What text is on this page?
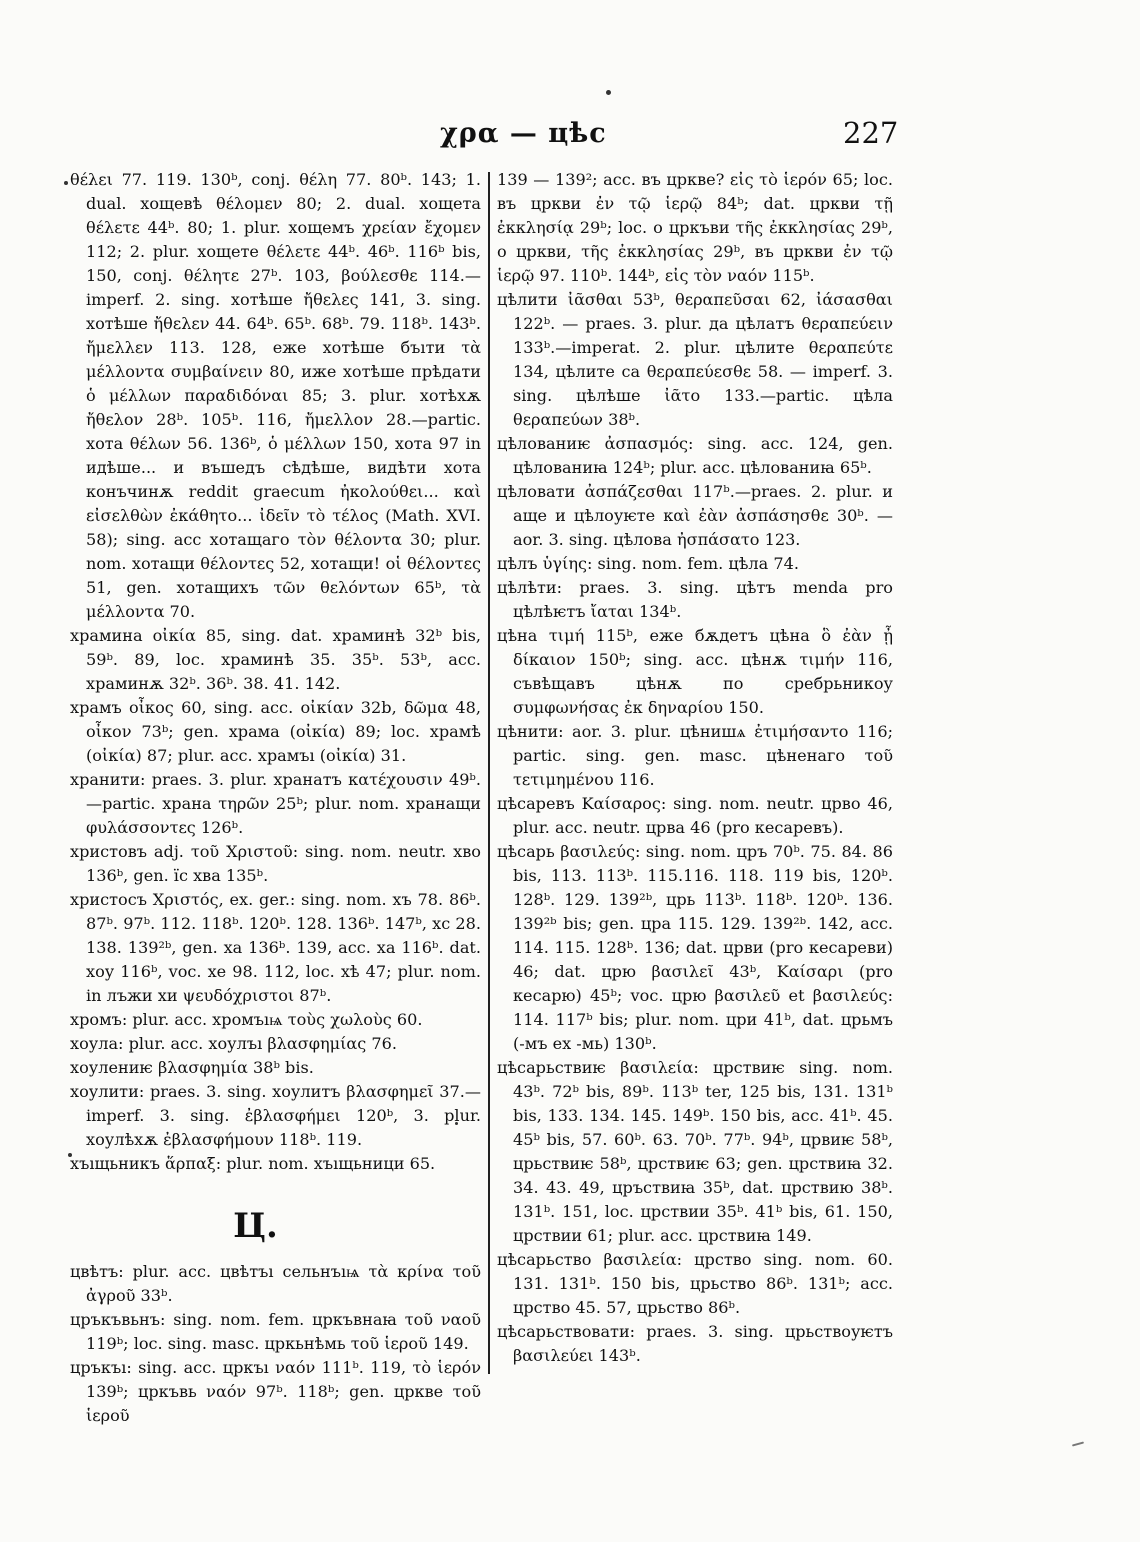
χρα — цѣс	227

θέλει 77. 119. 130ᵇ, conj. θέλη 77. 80ᵇ. 143; 1. dual. хощевѣ θέλομεν 80; 2. dual. хощета θέλετε 44ᵇ. 80; 1. plur. хощемъ χρείαν ἔχομεν 112; 2. plur. хощете θέλετε 44ᵇ. 46ᵇ. 116ᵇ bis, 150, conj. θέλητε 27ᵇ. 103, βούλεσθε 114.— imperf. 2. sing. хотѣше ἤθελες 141, 3. sing. хотѣше ἤθελεν 44. 64ᵇ. 65ᵇ. 68ᵇ. 79. 118ᵇ. 143ᵇ. ἤμελλεν 113. 128, еже хотѣше бъıти τὰ μέλλοντα συμβαίνειν 80, иже хотѣше прѣдати ὁ μέλλων παραδιδόναι 85; 3. plur. хотѣхѫ ἤθελον 28ᵇ. 105ᵇ. 116, ἤμελλον 28.—partic. хота θέλων 56. 136ᵇ, ὁ μέλλων 150, хота 97 in идѣше... и въшедъ сѣдѣше, видѣти хота конъчинѫ reddit graecum ἠκολούθει... καὶ εἰσελθὼν ἐκάθητο... ἰδεῖν τὸ τέλος (Math. XVI. 58); sing. acc хотащаго τὸν θέλοντα 30; plur. nom. хотащи θέλοντες 52, хотащи! οἱ θέλοντες 51, gen. хотащихъ τῶν θελόντων 65ᵇ, τὰ μέλλοντα 70.

храмина οἰκία 85, sing. dat. храминѣ 32ᵇ bis, 59ᵇ. 89, loc. храминѣ 35. 35ᵇ. 53ᵇ, acc. храминѫ 32ᵇ. 36ᵇ. 38. 41. 142.

храмъ οἶκος 60, sing. acc. οἰκίαν 32b, δῶμα 48, οἶκον 73ᵇ; gen. храма (οἰκία) 89; loc. храмѣ (οἰκία) 87; plur. acc. храмъı (οἰκία) 31.

хранити: praes. 3. plur. хранатъ κατέχουσιν 49ᵇ.—partic. храна τηρῶν 25ᵇ; plur. nom. хранащи φυλάσσοντες 126ᵇ.

христовъ adj. τοῦ Χριστοῦ: sing. nom. neutr. хво 136ᵇ, gen. їс хва 135ᵇ.

христосъ Χριστός, ex. ger.: sing. nom. хъ 78. 86ᵇ. 87ᵇ. 97ᵇ. 112. 118ᵇ. 120ᵇ. 128. 136ᵇ. 147ᵇ, хс 28. 138. 139²ᵇ, gen. ха 136ᵇ. 139, acc. ха 116ᵇ. dat. хоу 116ᵇ, voc. хе 98. 112, loc. хѣ 47; plur. nom. in лъжи хи ψευδόχριστοι 87ᵇ.

хромъ: plur. acc. хромъıѩ τοὺς χωλοὺς 60.

хоула: plur. acc. хоулъı βλασφημίας 76.

хоулениѥ βλασφημία 38ᵇ bis.

хоулити: praes. 3. sing. хоулитъ βλασφημεῖ 37.—imperf. 3. sing. ἐβλασφήμει 120ᵇ, 3. plur. хоулѣхѫ ἐβλασφήμουν 118ᵇ. 119.

хъıщьникъ ἅρπαξ: plur. nom. хъıщьници 65.

Ц.

цвѣтъ: plur. acc. цвѣтъı сельнъıѩ τὰ κρίνα τοῦ ἀγροῦ 33ᵇ.

цръкъвьнъ: sing. nom. fem. цркъвнаꙗ τοῦ ναοῦ 119ᵇ; loc. sing. masc. цркьнѣмь τοῦ ἱεροῦ 149.

цръкъı: sing. acc. цркъı ναόν 111ᵇ. 119, τὸ ἱερόν 139ᵇ; цркъвь ναόν 97ᵇ. 118ᵇ; gen. цркве τοῦ ἱεροῦ

139 — 139²; acc. въ цркве? εἰς τὸ ἱερόν 65; loc. въ цркви ἐν τῷ ἱερῷ 84ᵇ; dat. цркви τῇ ἐκκλησίᾳ 29ᵇ; loc. о цркъви τῆς ἐκκλησίας 29ᵇ, о цркви, τῆς ἐκκλησίας 29ᵇ, въ цркви ἐν τῷ ἱερῷ 97. 110ᵇ. 144ᵇ, εἰς τὸν ναόν 115ᵇ.

цѣлити ἰᾶσθαι 53ᵇ, θεραπεῦσαι 62, ἰάσασθαι 122ᵇ. — praes. 3. plur. да цѣлатъ θεραπεύειν 133ᵇ.—imperat. 2. plur. цѣлите θεραπεύτε 134, цѣлите са θεραπεύεσθε 58. — imperf. 3. sing. цѣлѣше ἰᾶτο 133.—partic. цѣла θεραπεύων 38ᵇ.

цѣлованиѥ ἀσπασμός: sing. acc. 124, gen. цѣлованиꙗ 124ᵇ; plur. acc. цѣлованиꙗ 65ᵇ.

цѣловати ἀσπάζεσθαι 117ᵇ.—praes. 2. plur. и аще и цѣлоуѥте καὶ ἐὰν ἀσπάσησθε 30ᵇ. — aor. 3. sing. цѣлова ἠσπάσατο 123.

цѣлъ ὑγίης: sing. nom. fem. цѣла 74.

цѣлѣти: praes. 3. sing. цѣтъ menda pro цѣлѣѥтъ ἴαται 134ᵇ.

цѣна τιμή 115ᵇ, еже бѫдетъ цѣна ὃ ἐὰν ᾖ δίκαιον 150ᵇ; sing. acc. цѣнѫ τιμήν 116, съвѣщавъ цѣнѫ по сребрьникоу συμφωνήσας ἐκ δηναρίου 150.

цѣнити: aor. 3. plur. цѣнишѧ ἐτιμήσαντο 116; partic. sing. gen. masc. цѣненаго τοῦ τετιμημένου 116.

цѣсаревъ Καίσαρος: sing. nom. neutr. црво 46, plur. acc. neutr. црва 46 (pro кесаревъ).

цѣсарь βασιλεύς: sing. nom. цръ 70ᵇ. 75. 84. 86 bis, 113. 113ᵇ. 115.116. 118. 119 bis, 120ᵇ. 128ᵇ. 129. 139²ᵇ, црь 113ᵇ. 118ᵇ. 120ᵇ. 136. 139²ᵇ bis; gen. цра 115. 129. 139²ᵇ. 142, acc. 114. 115. 128ᵇ. 136; dat. црви (pro кесареви) 46; dat. црю βασιλεῖ 43ᵇ, Καίσαρι (pro кесарю) 45ᵇ; voc. црю βασιλεῦ et βασιλεύς: 114. 117ᵇ bis; plur. nom. цри 41ᵇ, dat. црьмъ (-мъ ex -мь) 130ᵇ.

цѣсарьствиѥ βασιλεία: црствиѥ sing. nom. 43ᵇ. 72ᵇ bis, 89ᵇ. 113ᵇ ter, 125 bis, 131. 131ᵇ bis, 133. 134. 145. 149ᵇ. 150 bis, acc. 41ᵇ. 45. 45ᵇ bis, 57. 60ᵇ. 63. 70ᵇ. 77ᵇ. 94ᵇ, црвиѥ 58ᵇ, црьствиѥ 58ᵇ, црствиѥ 63; gen. црствиꙗ 32. 34. 43. 49, цръствиꙗ 35ᵇ, dat. црствию 38ᵇ. 131ᵇ. 151, loc. црствии 35ᵇ. 41ᵇ bis, 61. 150, црствии 61; plur. acc. црствиꙗ 149.

цѣсарьство βασιλεία: црство sing. nom. 60. 131. 131ᵇ. 150 bis, црьство 86ᵇ. 131ᵇ; acc. црство 45. 57, црьство 86ᵇ.

цѣсарьствовати: praes. 3. sing. црьствоуѥтъ βασιλεύει 143ᵇ.
